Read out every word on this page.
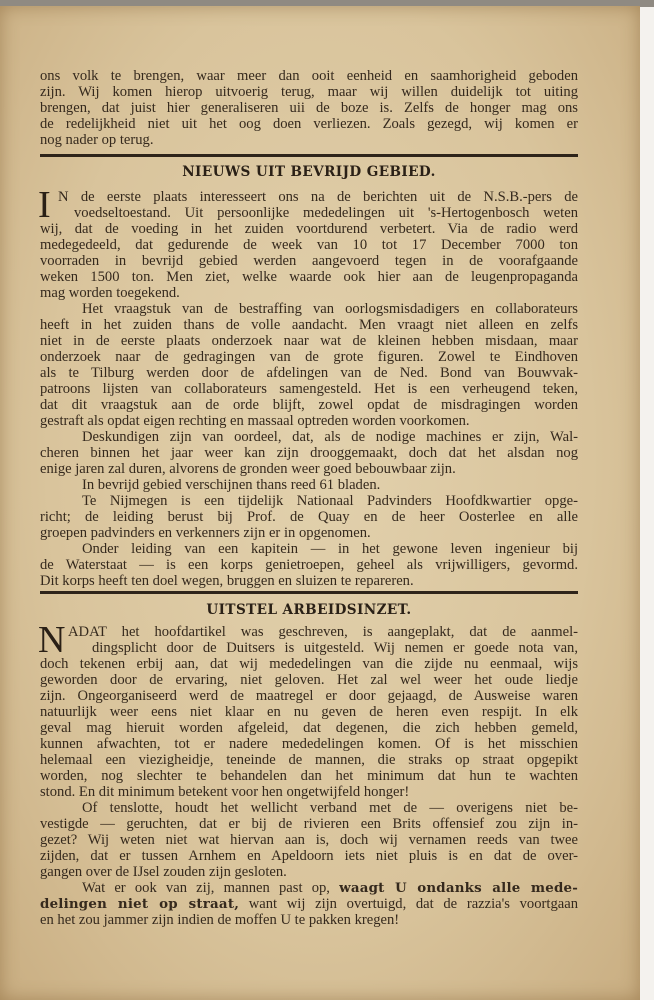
ons volk te brengen, waar meer dan ooit eenheid en saamhorigheid geboden
zijn. Wij komen hierop uitvoerig terug, maar wij willen duidelijk tot uiting
brengen, dat juist hier generaliseren uii de boze is. Zelfs de honger mag ons
de redelijkheid niet uit het oog doen verliezen. Zoals gezegd, wij komen er
nog nader op terug.
NIEUWS UIT BEVRIJD GEBIED.
I N de eerste plaats interesseert ons na de berichten uit de N.S.B.-pers de
voedseltoestand. Uit persoonlijke mededelingen uit 's-Hertogenbosch weten
wij, dat de voeding in het zuiden voortdurend verbetert. Via de radio werd
medegedeeld, dat gedurende de week van 10 tot 17 December 7000 ton
voorraden in bevrijd gebied werden aangevoerd tegen in de voorafgaande
weken 1500 ton. Men ziet, welke waarde ook hier aan de leugenpropaganda
mag worden toegekend.
Het vraagstuk van de bestraffing van oorlogsmisdadigers en collaborateurs
heeft in het zuiden thans de volle aandacht. Men vraagt niet alleen en zelfs
niet in de eerste plaats onderzoek naar wat de kleinen hebben misdaan, maar
onderzoek naar de gedragingen van de grote figuren. Zowel te Eindhoven
als te Tilburg werden door de afdelingen van de Ned. Bond van Bouwvak-
patroons lijsten van collaborateurs samengesteld. Het is een verheugend teken,
dat dit vraagstuk aan de orde blijft, zowel opdat de misdragingen worden
gestraft als opdat eigen rechting en massaal optreden worden voorkomen.
Deskundigen zijn van oordeel, dat, als de nodige machines er zijn, Wal-
cheren binnen het jaar weer kan zijn drooggemaakt, doch dat het alsdan nog
enige jaren zal duren, alvorens de gronden weer goed bebouwbaar zijn.
In bevrijd gebied verschijnen thans reed 61 bladen.
Te Nijmegen is een tijdelijk Nationaal Padvinders Hoofdkwartier opge-
richt; de leiding berust bij Prof. de Quay en de heer Oosterlee en alle
groepen padvinders en verkenners zijn er in opgenomen.
Onder leiding van een kapitein — in het gewone leven ingenieur bij
de Waterstaat — is een korps genietroepen, geheel als vrijwilligers, gevormd.
Dit korps heeft ten doel wegen, bruggen en sluizen te repareren.
UITSTEL ARBEIDSINZET.
N ADAT het hoofdartikel was geschreven, is aangeplakt, dat de aanmel-
dingsplicht door de Duitsers is uitgesteld. Wij nemen er goede nota van,
doch tekenen erbij aan, dat wij mededelingen van die zijde nu eenmaal, wijs
geworden door de ervaring, niet geloven. Het zal wel weer het oude liedje
zijn. Ongeorganiseerd werd de maatregel er door gejaagd, de Ausweise waren
natuurlijk weer eens niet klaar en nu geven de heren even respijt. In elk
geval mag hieruit worden afgeleid, dat degenen, die zich hebben gemeld,
kunnen afwachten, tot er nadere mededelingen komen. Of is het misschien
helemaal een viezigheidje, teneinde de mannen, die straks op straat opgepikt
worden, nog slechter te behandelen dan het minimum dat hun te wachten
stond. En dit minimum betekent voor hen ongetwijfeld honger!
Of tenslotte, houdt het wellicht verband met de — overigens niet be-
vestigde — geruchten, dat er bij de rivieren een Brits offensief zou zijn in-
gezet? Wij weten niet wat hiervan aan is, doch wij vernamen reeds van twee
zijden, dat er tussen Arnhem en Apeldoorn iets niet pluis is en dat de over-
gangen over de IJsel zouden zijn gesloten.
Wat er ook van zij, mannen past op, waagt U ondanks alle mede-
delingen niet op straat, want wij zijn overtuigd, dat de razzia's voortgaan
en het zou jammer zijn indien de moffen U te pakken kregen!
